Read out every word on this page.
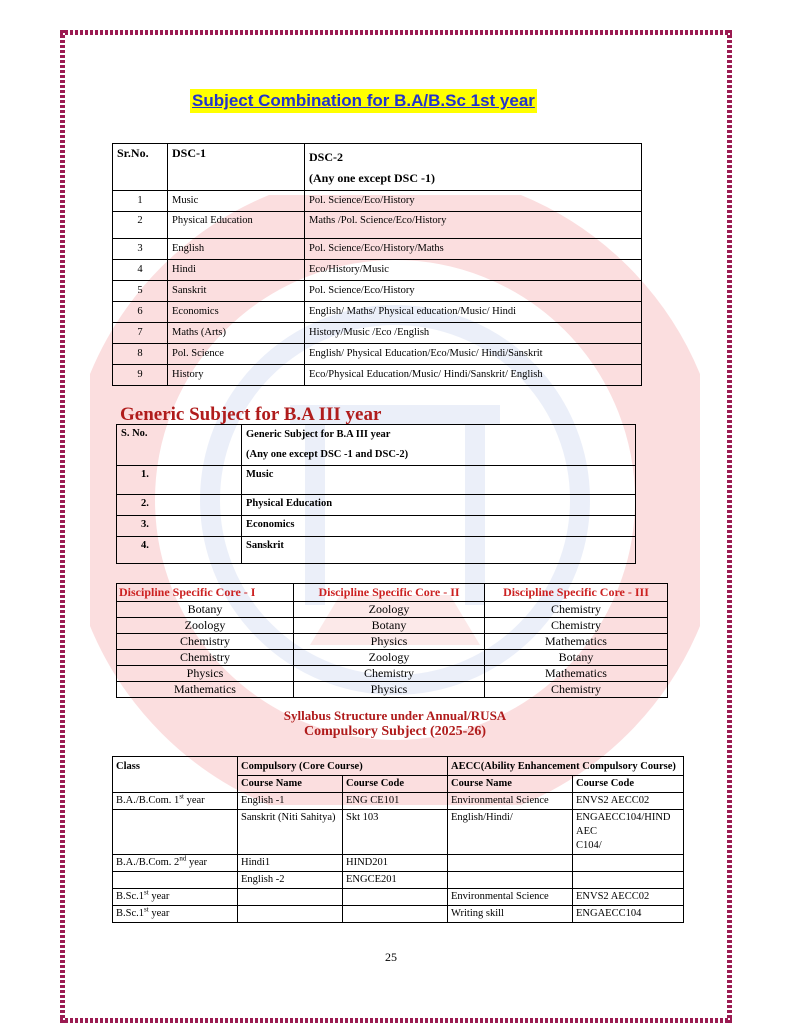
Subject Combination for B.A/B.Sc 1st year
Sr.No.	DSC-1	DSC-2
(Any one except DSC -1)

1	Music	Pol. Science/Eco/History
2	Physical Education	Maths /Pol. Science/Eco/History
3	English	Pol. Science/Eco/History/Maths
4	Hindi	Eco/History/Music
5	Sanskrit	Pol. Science/Eco/History
6	Economics	English/ Maths/ Physical education/Music/ Hindi
7	Maths (Arts)	History/Music /Eco /English
8	Pol. Science	English/ Physical Education/Eco/Music/ Hindi/Sanskrit
9	History	Eco/Physical Education/Music/ Hindi/Sanskrit/ English
Generic Subject for B.A III year
S. No.	Generic Subject for B.A III year
(Any one except DSC -1 and DSC-2)

1.	Music
2.	Physical Education
3.	Economics
4.	Sanskrit
Discipline Specific Core - I	Discipline Specific Core - II	Discipline Specific Core - III
Botany	Zoology	Chemistry
Zoology	Botany	Chemistry
Chemistry	Physics	Mathematics
Chemistry	Zoology	Botany
Physics	Chemistry	Mathematics
Mathematics	Physics	Chemistry
Syllabus Structure under Annual/RUSA
Compulsory Subject (2025-26)
Class	Compulsory (Core Course)		AECC(Ability Enhancement Compulsory Course)	
	Course Name	Course Code	Course Name	Course Code
B.A./B.Com. 1st year	English -1	ENG CE101	Environmental Science	ENVS2 AECC02
	Sanskrit (Niti Sahitya)	Skt 103	English/Hindi/	ENGAECC104/HIND
AEC
C104/

B.A./B.Com. 2nd year	Hindi1	HIND201		
	English -2	ENGCE201		
B.Sc.1st year			Environmental Science	ENVS2 AECC02
B.Sc.1st year			Writing skill	ENGAECC104
25
